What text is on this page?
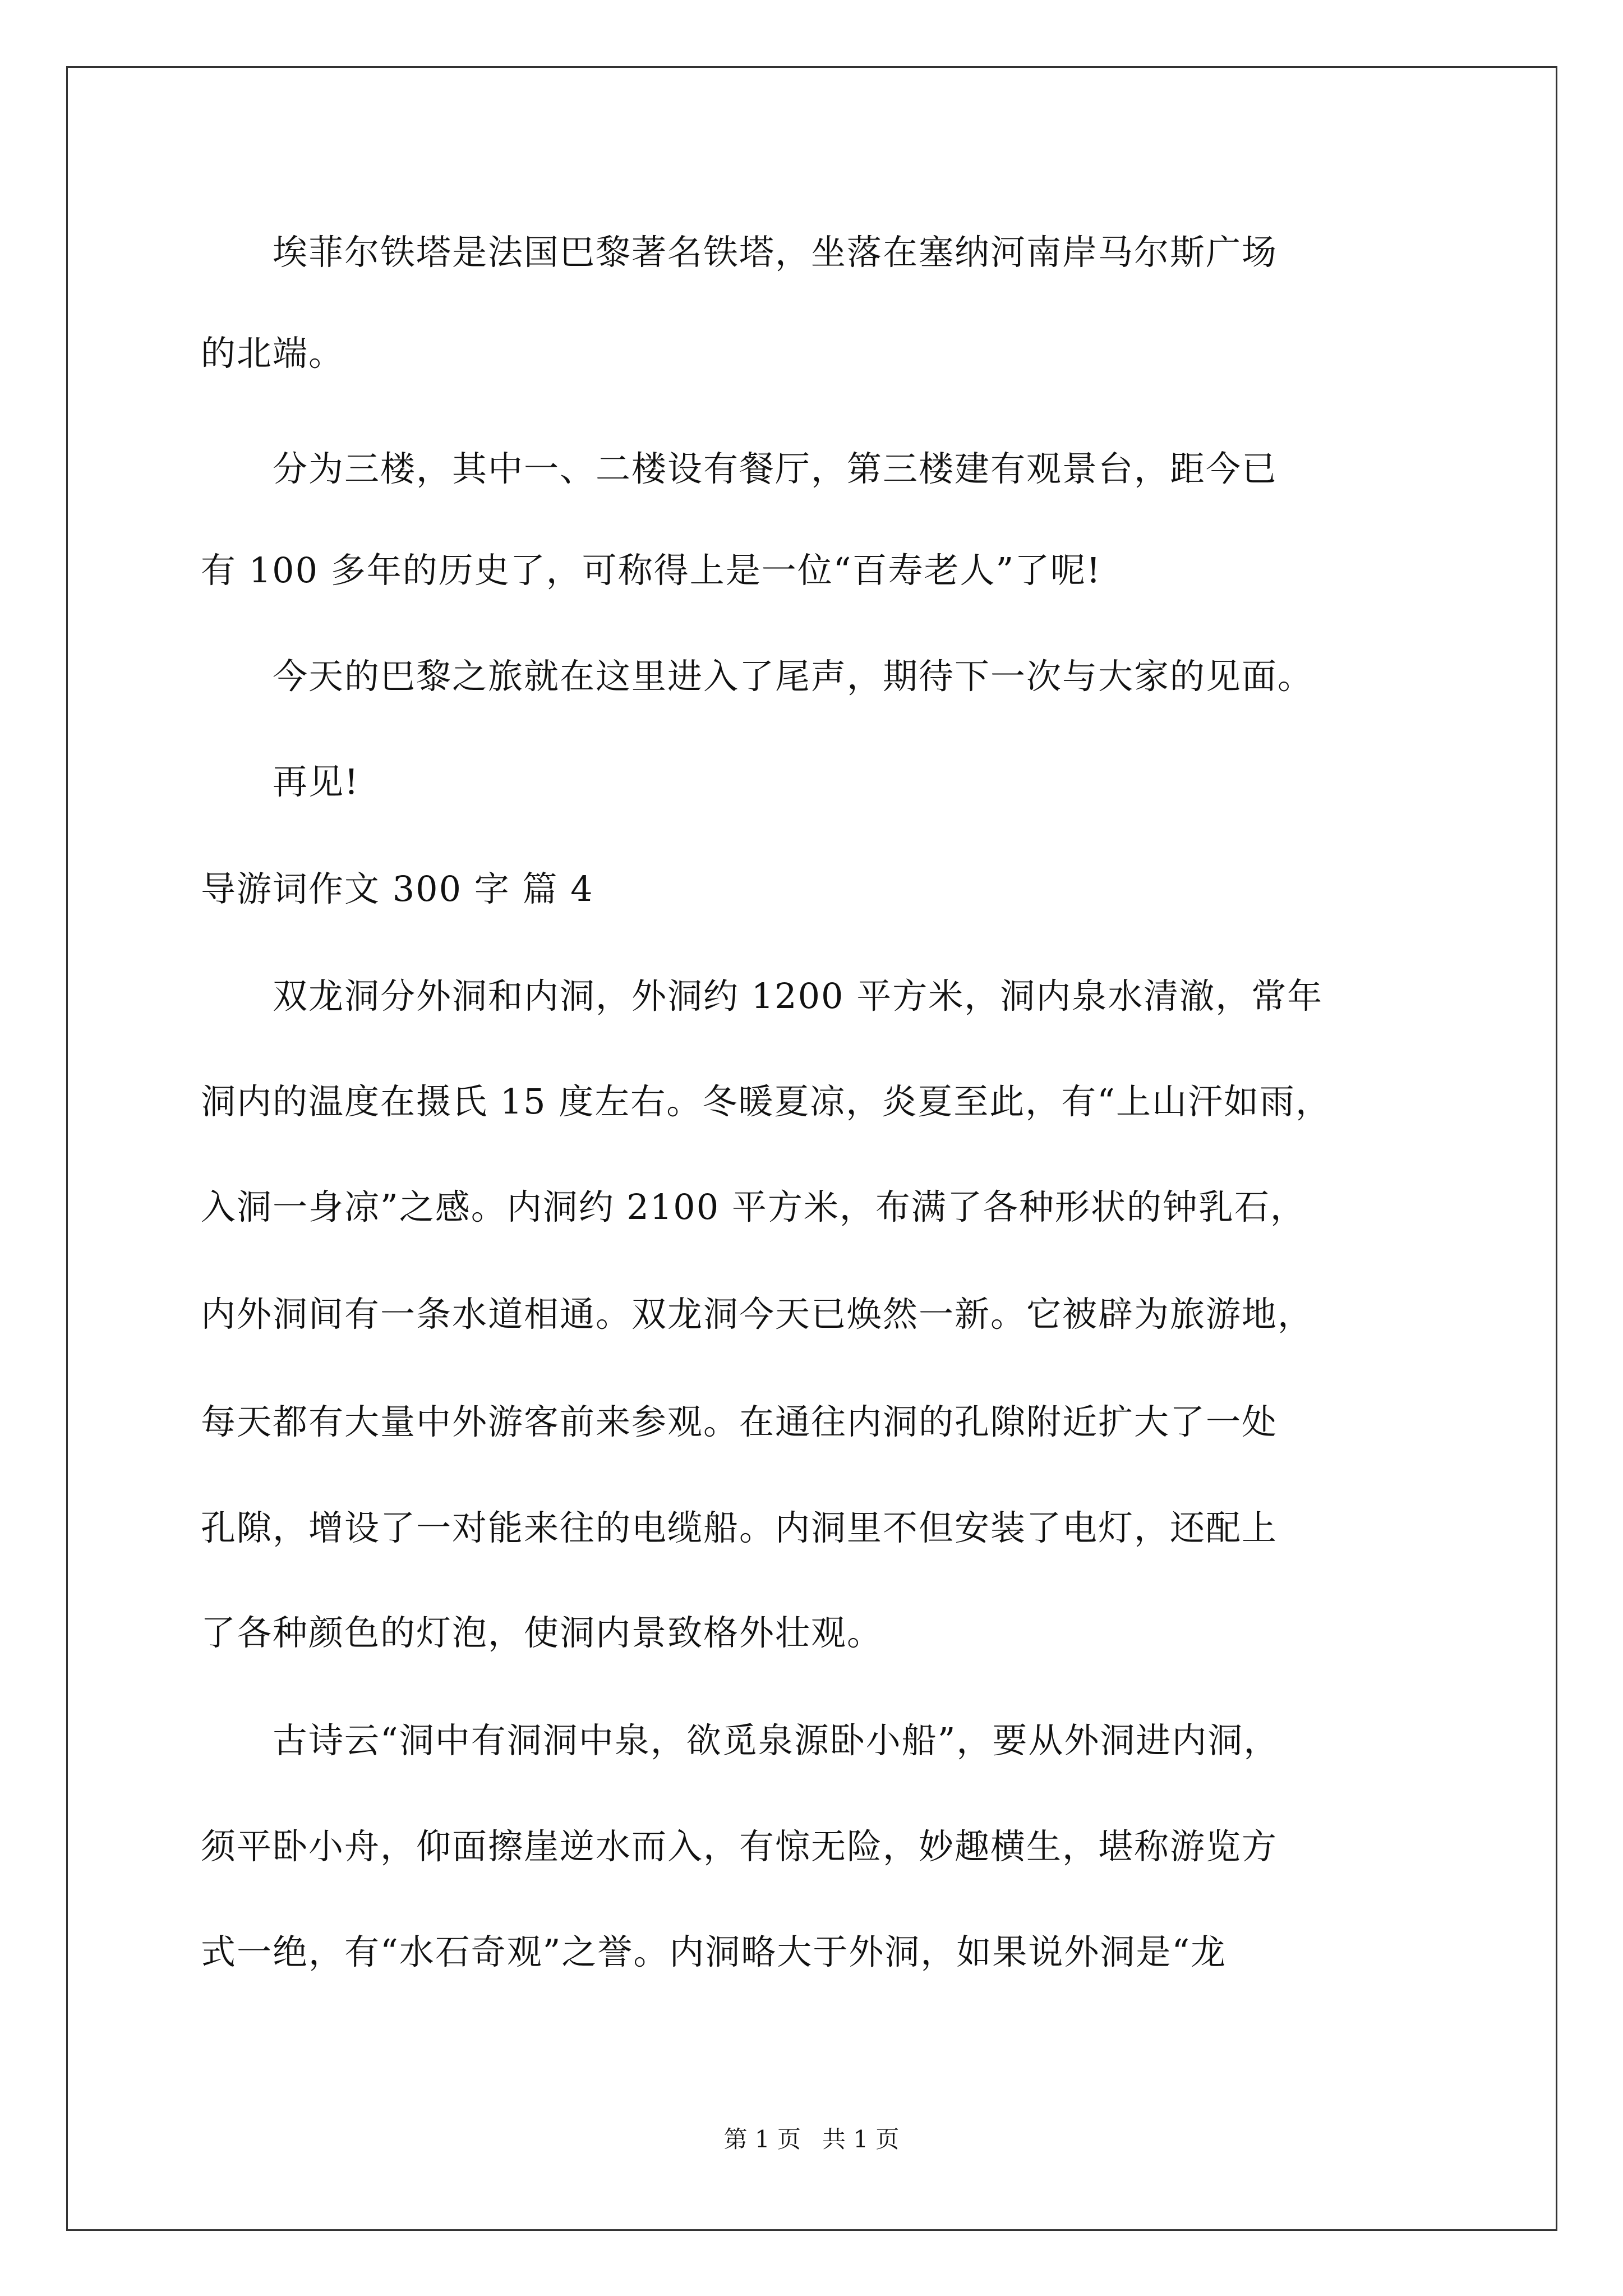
　　埃菲尔铁塔是法国巴黎著名铁塔，坐落在塞纳河南岸马尔斯广场
的北端。
　　分为三楼，其中一、二楼设有餐厅，第三楼建有观景台，距今已
有 100 多年的历史了，可称得上是一位“百寿老人”了呢!
　　今天的巴黎之旅就在这里进入了尾声，期待下一次与大家的见面。
　　再见!
导游词作文 300 字 篇 4
　　双龙洞分外洞和内洞，外洞约 1200 平方米，洞内泉水清澈，常年
洞内的温度在摄氏 15 度左右。冬暖夏凉，炎夏至此，有“上山汗如雨，
入洞一身凉”之感。内洞约 2100 平方米，布满了各种形状的钟乳石，
内外洞间有一条水道相通。双龙洞今天已焕然一新。它被辟为旅游地，
每天都有大量中外游客前来参观。在通往内洞的孔隙附近扩大了一处
孔隙，增设了一对能来往的电缆船。内洞里不但安装了电灯，还配上
了各种颜色的灯泡，使洞内景致格外壮观。
　　古诗云“洞中有洞洞中泉，欲觅泉源卧小船”，要从外洞进内洞，
须平卧小舟，仰面擦崖逆水而入，有惊无险，妙趣横生，堪称游览方
式一绝，有“水石奇观”之誉。内洞略大于外洞，如果说外洞是“龙
第 1 页 共 1 页
